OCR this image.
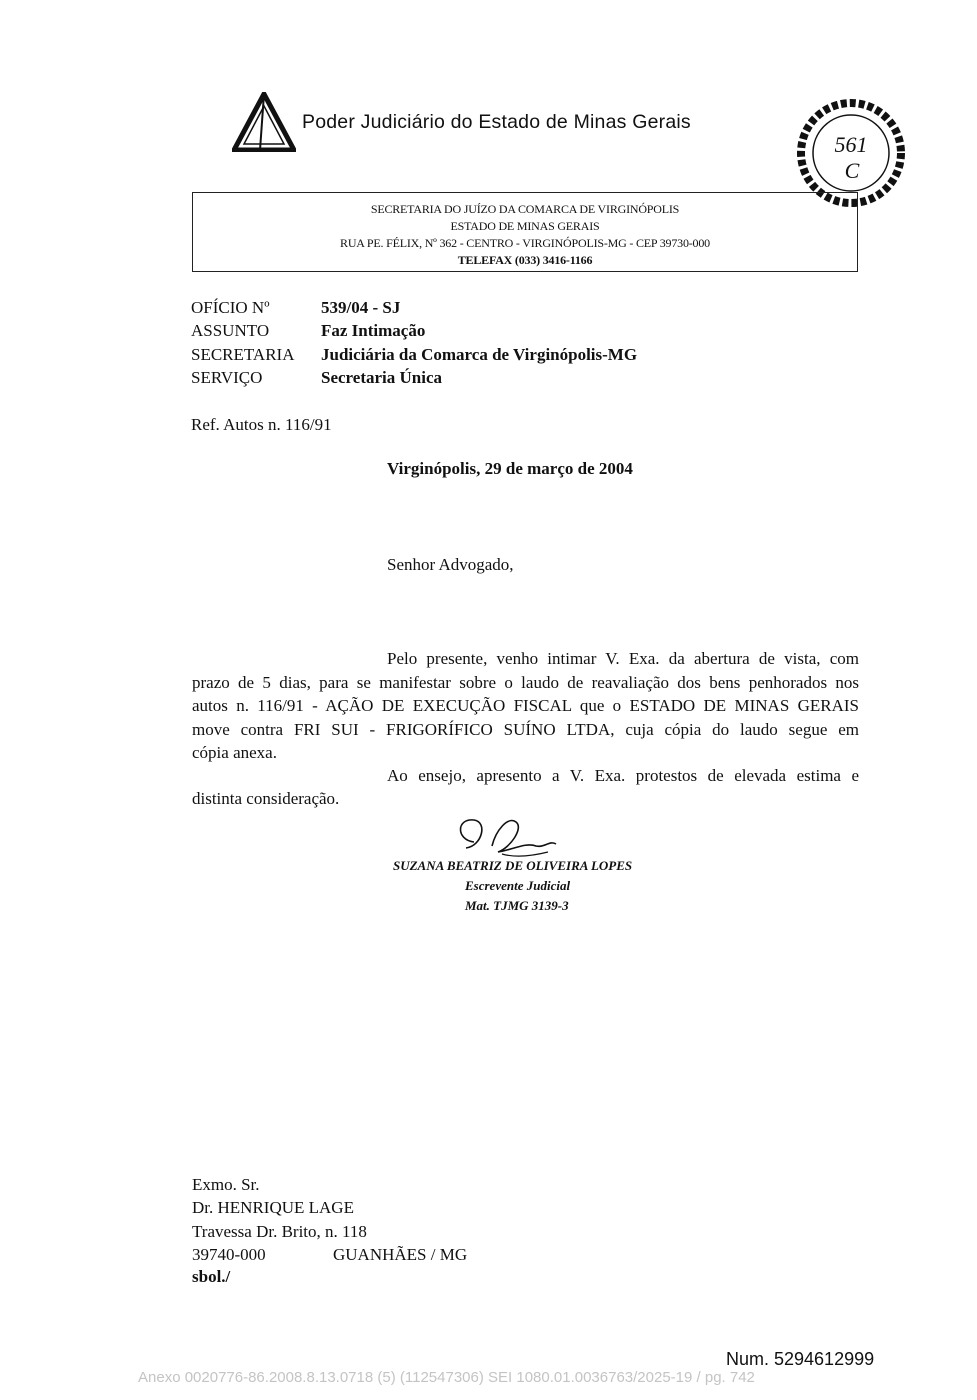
Poder Judiciário do Estado de Minas Gerais
561
C
SECRETARIA DO JUÍZO DA COMARCA DE VIRGINÓPOLIS
ESTADO DE MINAS GERAIS
RUA PE. FÉLIX, Nº 362 - CENTRO - VIRGINÓPOLIS-MG - CEP 39730-000
TELEFAX (033) 3416-1166
OFÍCIO Nº	539/04 - SJ
ASSUNTO	Faz Intimação
SECRETARIA Judiciária da Comarca de Virginópolis-MG
SERVIÇO	Secretaria Única
Ref. Autos n. 116/91
Virginópolis, 29 de março de 2004
Senhor Advogado,
Pelo presente, venho intimar V. Exa. da abertura de vista, com
prazo de 5 dias, para se manifestar sobre o laudo de reavaliação dos bens penhorados nos
autos n. 116/91 - AÇÃO DE EXECUÇÃO FISCAL que o ESTADO DE MINAS GERAIS
move contra FRI SUI - FRIGORÍFICO SUÍNO LTDA, cuja cópia do laudo segue em
cópia anexa.
Ao ensejo, apresento a V. Exa. protestos de elevada estima e
distinta consideração.
SUZANA BEATRIZ DE OLIVEIRA LOPES
Escrevente Judicial
Mat. TJMG 3139-3
Exmo. Sr.
Dr. HENRIQUE LAGE
Travessa Dr. Brito, n. 118
39740-000	GUANHÃES / MG
sbol./
Num. 5294612999
Anexo 0020776-86.2008.8.13.0718 (5) (112547306) SEI 1080.01.0036763/2025-19 / pg. 742
